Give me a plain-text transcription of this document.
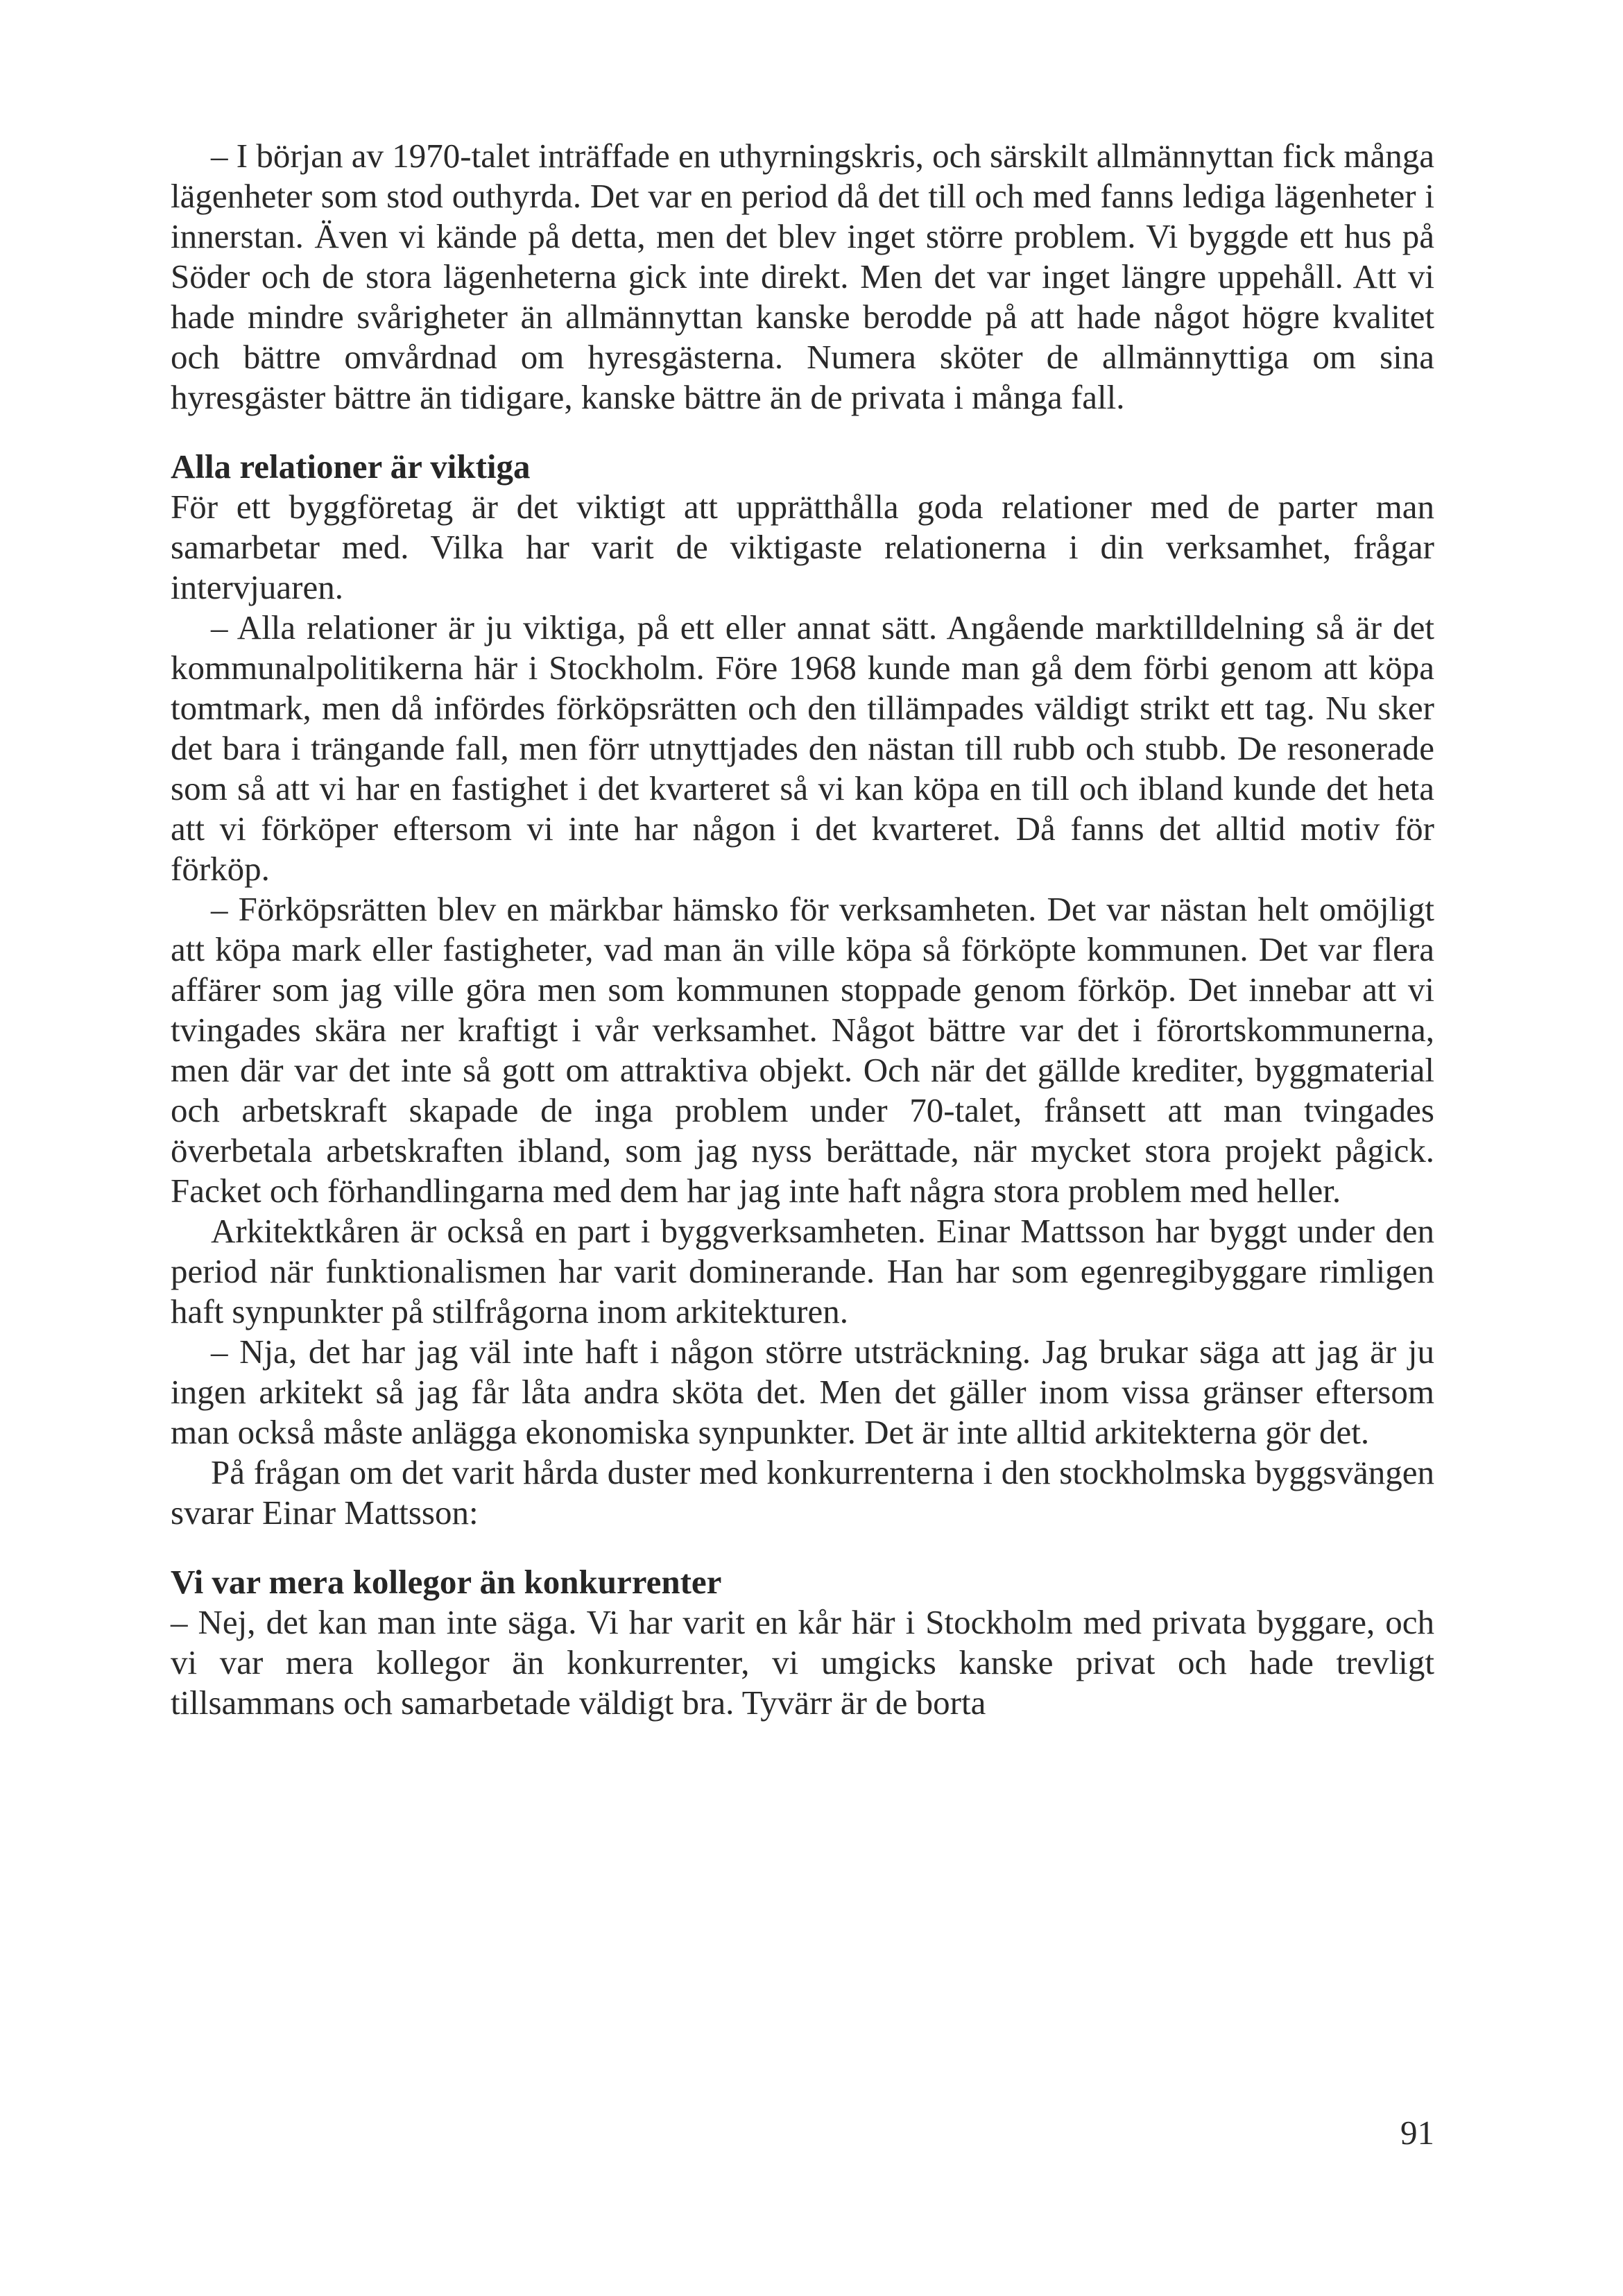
– I början av 1970-talet inträffade en uthyrningskris, och särskilt allmännyttan fick många lägenheter som stod outhyrda. Det var en period då det till och med fanns lediga lägenheter i innerstan. Även vi kände på detta, men det blev inget större problem. Vi byggde ett hus på Söder och de stora lägenheterna gick inte direkt. Men det var inget längre uppehåll. Att vi hade mindre svårigheter än allmännyttan kanske berodde på att hade något högre kvalitet och bättre omvårdnad om hyresgästerna. Numera sköter de allmännyttiga om sina hyresgäster bättre än tidigare, kanske bättre än de privata i många fall.

Alla relationer är viktiga

För ett byggföretag är det viktigt att upprätthålla goda relationer med de parter man samarbetar med. Vilka har varit de viktigaste relationerna i din verksamhet, frågar intervjuaren.

– Alla relationer är ju viktiga, på ett eller annat sätt. Angående marktilldelning så är det kommunalpolitikerna här i Stockholm. Före 1968 kunde man gå dem förbi genom att köpa tomtmark, men då infördes förköpsrätten och den tillämpades väldigt strikt ett tag. Nu sker det bara i trängande fall, men förr utnyttjades den nästan till rubb och stubb. De resonerade som så att vi har en fastighet i det kvarteret så vi kan köpa en till och ibland kunde det heta att vi förköper eftersom vi inte har någon i det kvarteret. Då fanns det alltid motiv för förköp.

– Förköpsrätten blev en märkbar hämsko för verksamheten. Det var nästan helt omöjligt att köpa mark eller fastigheter, vad man än ville köpa så förköpte kommunen. Det var flera affärer som jag ville göra men som kommunen stoppade genom förköp. Det innebar att vi tvingades skära ner kraftigt i vår verksamhet. Något bättre var det i förortskommunerna, men där var det inte så gott om attraktiva objekt. Och när det gällde krediter, byggmaterial och arbetskraft skapade de inga problem under 70-talet, frånsett att man tvingades överbetala arbetskraften ibland, som jag nyss berättade, när mycket stora projekt pågick. Facket och förhandlingarna med dem har jag inte haft några stora problem med heller.

Arkitektkåren är också en part i byggverksamheten. Einar Mattsson har byggt under den period när funktionalismen har varit dominerande. Han har som egenregibyggare rimligen haft synpunkter på stilfrågorna inom arkitekturen.

– Nja, det har jag väl inte haft i någon större utsträckning. Jag brukar säga att jag är ju ingen arkitekt så jag får låta andra sköta det. Men det gäller inom vissa gränser eftersom man också måste anlägga ekonomiska synpunkter. Det är inte alltid arkitekterna gör det.

På frågan om det varit hårda duster med konkurrenterna i den stockholmska byggsvängen svarar Einar Mattsson:

Vi var mera kollegor än konkurrenter

– Nej, det kan man inte säga. Vi har varit en kår här i Stockholm med privata byggare, och vi var mera kollegor än konkurrenter, vi umgicks kanske privat och hade trevligt tillsammans och samarbetade väldigt bra. Tyvärr är de borta

91
